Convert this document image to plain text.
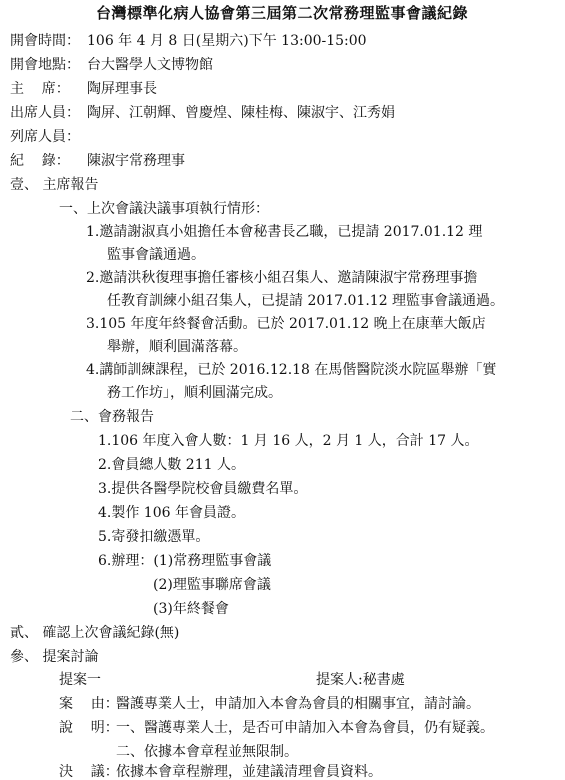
台灣標準化病人協會第三屆第二次常務理監事會議紀錄
開會時間： 106 年 4 月 8 日(星期六)下午 13:00-15:00
開會地點： 台大醫學人文博物館
主    席： 陶屏理事長
出席人員： 陶屏、江朝輝、曾慶煌、陳桂梅、陳淑宇、江秀娟
列席人員：
紀    錄： 陳淑宇常務理事
壹、 主席報告
一、上次會議決議事項執行情形：
1.邀請謝淑真小姐擔任本會秘書長乙職，已提請 2017.01.12 理
監事會議通過。
2.邀請洪秋復理事擔任審核小組召集人、邀請陳淑宇常務理事擔
任教育訓練小組召集人，已提請 2017.01.12 理監事會議通過。
3.105 年度年終餐會活動。已於 2017.01.12 晚上在康華大飯店
舉辦，順利圓滿落幕。
4.講師訓練課程，已於 2016.12.18 在馬偕醫院淡水院區舉辦「實
務工作坊」，順利圓滿完成。
二、會務報告
1.106 年度入會人數：1 月 16 人，2 月 1 人，合計 17 人。
2.會員總人數 211 人。
3.提供各醫學院校會員繳費名單。
4.製作 106 年會員證。
5.寄發扣繳憑單。
6.辦理：(1)常務理監事會議
(2)理監事聯席會議
(3)年終餐會
貳、 確認上次會議紀錄(無)
參、 提案討論
提案一	提案人:秘書處
案    由：
醫護專業人士，申請加入本會為會員的相關事宜，請討論。
說    明：
一、醫護專業人士，是否可申請加入本會為會員，仍有疑義。
二、依據本會章程並無限制。
決    議：
依據本會章程辦理，並建議清理會員資料。
